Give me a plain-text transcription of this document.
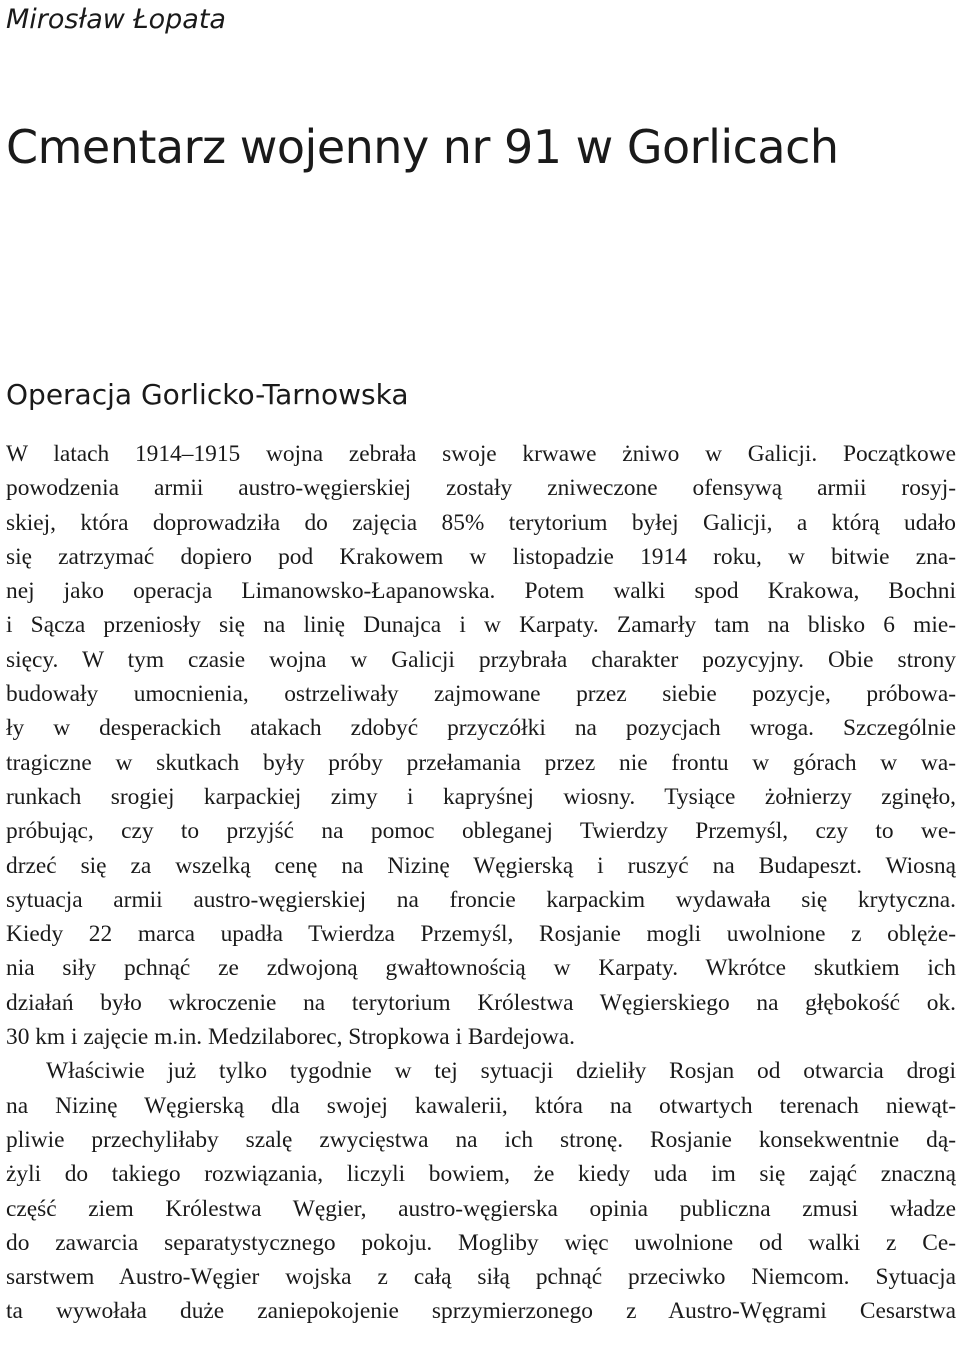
Mirosław Łopata

Cmentarz wojenny nr 91 w Gorlicach
Operacja Gorlicko-Tarnowska
W latach 1914–1915 wojna zebrała swoje krwawe żniwo w Galicji. Początkowe
powodzenia armii austro-węgierskiej zostały zniweczone ofensywą armii rosyj-
skiej, która doprowadziła do zajęcia 85% terytorium byłej Galicji, a którą udało
się zatrzymać dopiero pod Krakowem w listopadzie 1914 roku, w bitwie zna-
nej jako operacja Limanowsko-Łapanowska. Potem walki spod Krakowa, Bochni
i Sącza przeniosły się na linię Dunajca i w Karpaty. Zamarły tam na blisko 6 mie-
sięcy. W tym czasie wojna w Galicji przybrała charakter pozycyjny. Obie strony
budowały umocnienia, ostrzeliwały zajmowane przez siebie pozycje, próbowa-
ły w desperackich atakach zdobyć przyczółki na pozycjach wroga. Szczególnie
tragiczne w skutkach były próby przełamania przez nie frontu w górach w wa-
runkach srogiej karpackiej zimy i kapryśnej wiosny. Tysiące żołnierzy zginęło,
próbując, czy to przyjść na pomoc obleganej Twierdzy Przemyśl, czy to we-
drzeć się za wszelką cenę na Nizinę Węgierską i ruszyć na Budapeszt. Wiosną
sytuacja armii austro-węgierskiej na froncie karpackim wydawała się krytyczna.
Kiedy 22 marca upadła Twierdza Przemyśl, Rosjanie mogli uwolnione z oblęże-
nia siły pchnąć ze zdwojoną gwałtownością w Karpaty. Wkrótce skutkiem ich
działań było wkroczenie na terytorium Królestwa Węgierskiego na głębokość ok.
30 km i zajęcie m.in. Medzilaborec, Stropkowa i Bardejowa.
Właściwie już tylko tygodnie w tej sytuacji dzieliły Rosjan od otwarcia drogi
na Nizinę Węgierską dla swojej kawalerii, która na otwartych terenach niewąt-
pliwie przechyliłaby szalę zwycięstwa na ich stronę. Rosjanie konsekwentnie dą-
żyli do takiego rozwiązania, liczyli bowiem, że kiedy uda im się zająć znaczną
część ziem Królestwa Węgier, austro-węgierska opinia publiczna zmusi władze
do zawarcia separatystycznego pokoju. Mogliby więc uwolnione od walki z Ce-
sarstwem Austro-Węgier wojska z całą siłą pchnąć przeciwko Niemcom. Sytuacja
ta wywołała duże zaniepokojenie sprzymierzonego z Austro-Węgrami Cesarstwa
